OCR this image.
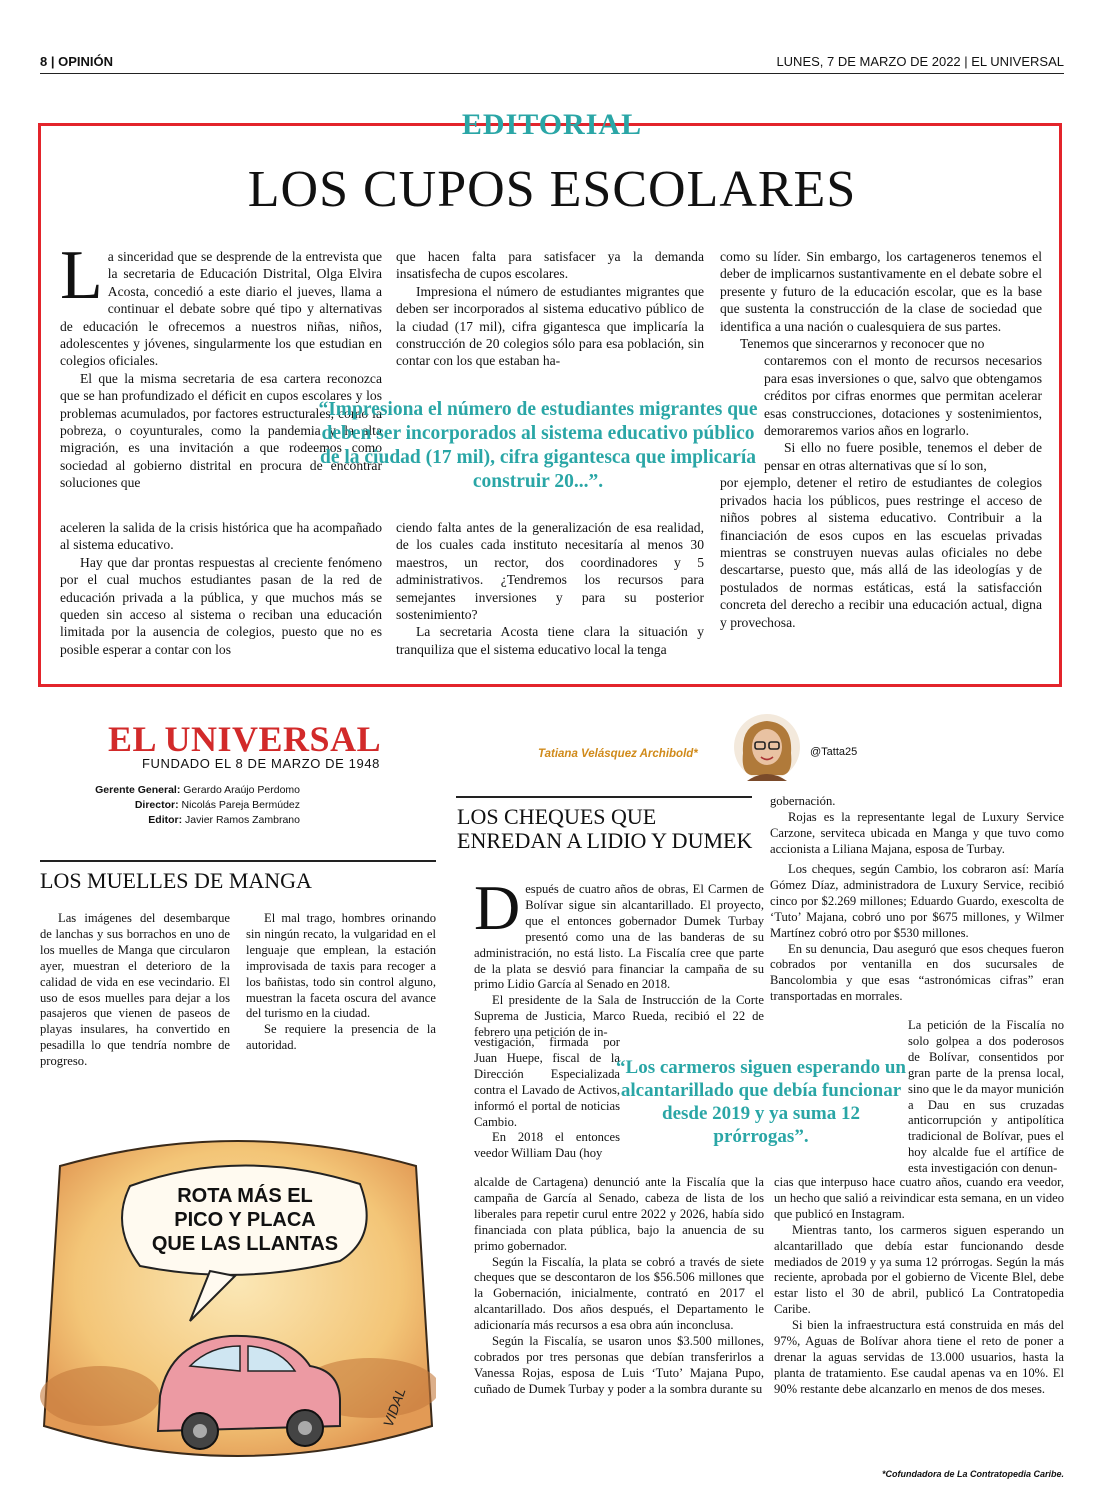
8 | OPINIÓN	LUNES, 7 DE MARZO DE 2022 | EL UNIVERSAL
EDITORIAL
LOS CUPOS ESCOLARES

La sinceridad que se desprende de la entrevista que la secretaria de Educación Distrital, Olga Elvira Acosta, concedió a este diario el jueves, llama a continuar el debate sobre qué tipo y alternativas de educación le ofrecemos a nuestros niñas, niños, adolescentes y jóvenes, singularmente los que estudian en colegios oficiales.

El que la misma secretaria de esa cartera reconozca que se han profundizado el déficit en cupos escolares y los problemas acumulados, por factores estructurales, como la pobreza, o coyunturales, como la pandemia y la alta migración, es una invitación a que rodeemos como sociedad al gobierno distrital en procura de encontrar soluciones que

aceleren la salida de la crisis histórica que ha acompañado al sistema educativo.

Hay que dar prontas respuestas al creciente fenómeno por el cual muchos estudiantes pasan de la red de educación privada a la pública, y que muchos más se queden sin acceso al sistema o reciban una educación limitada por la ausencia de colegios, puesto que no es posible esperar a contar con los

que hacen falta para satisfacer ya la demanda insatisfecha de cupos escolares.

Impresiona el número de estudiantes migrantes que deben ser incorporados al sistema educativo público de la ciudad (17 mil), cifra gigantesca que implicaría la construcción de 20 colegios sólo para esa población, sin contar con los que estaban ha-

ciendo falta antes de la generalización de esa realidad, de los cuales cada instituto necesitaría al menos 30 maestros, un rector, dos coordinadores y 5 administrativos. ¿Tendremos los recursos para semejantes inversiones y para su posterior sostenimiento?

La secretaria Acosta tiene clara la situación y tranquiliza que el sistema educativo local la tenga

como su líder. Sin embargo, los cartageneros tenemos el deber de implicarnos sustantivamente en el debate sobre el presente y futuro de la educación escolar, que es la base que sustenta la construcción de la clase de sociedad que identifica a una nación o cualesquiera de sus partes.

Tenemos que sincerarnos y reconocer que no

contaremos con el monto de recursos necesarios para esas inversiones o que, salvo que obtengamos créditos por cifras enormes que permitan acelerar esas construcciones, dotaciones y sostenimientos, demoraremos varios años en lograrlo.

Si ello no fuere posible, tenemos el deber de pensar en otras alternativas que sí lo son,

por ejemplo, detener el retiro de estudiantes de colegios privados hacia los públicos, pues restringe el acceso de niños pobres al sistema educativo. Contribuir a la financiación de esos cupos en las escuelas privadas mientras se construyen nuevas aulas oficiales no debe descartarse, puesto que, más allá de las ideologías y de postulados de normas estáticas, está la satisfacción concreta del derecho a recibir una educación actual, digna y provechosa.

“Impresiona el número de estudiantes migrantes que deben ser incorporados al sistema educativo público de la ciudad (17 mil), cifra gigantesca que implicaría construir 20...”.
EL UNIVERSAL
FUNDADO EL 8 DE MARZO DE 1948
Gerente General: Gerardo Araújo Perdomo
Director: Nicolás Pareja Bermúdez
Editor: Javier Ramos Zambrano
LOS MUELLES DE MANGA

Las imágenes del desembarque de lanchas y sus borrachos en uno de los muelles de Manga que circularon ayer, muestran el deterioro de la calidad de vida en ese vecindario. El uso de esos muelles para dejar a los pasajeros que vienen de paseos de playas insulares, ha convertido en pesadilla lo que tendría nombre de progreso.

El mal trago, hombres orinando sin ningún recato, la vulgaridad en el lenguaje que emplean, la estación improvisada de taxis para recoger a los bañistas, todo sin control alguno, muestran la faceta oscura del avance del turismo en la ciudad.

Se requiere la presencia de la autoridad.

ROTA MÁS EL
PICO Y PLACA
QUE LAS LLANTAS
VIDAL
Tatiana Velásquez Archibold*	@Tatta25
LOS CHEQUES QUE
ENREDAN A LIDIO Y DUMEK

gobernación.

Rojas es la representante legal de Luxury Service Carzone, serviteca ubicada en Manga y que tuvo como accionista a Liliana Majana, esposa de Turbay.

Después de cuatro años de obras, El Carmen de Bolívar sigue sin alcantarillado. El proyecto, que el entonces gobernador Dumek Turbay presentó como una de las banderas de su administración, no está listo. La Fiscalía cree que parte de la plata se desvió para financiar la campaña de su primo Lidio García al Senado en 2018.

El presidente de la Sala de Instrucción de la Corte Suprema de Justicia, Marco Rueda, recibió el 22 de febrero una petición de in-

Los cheques, según Cambio, los cobraron así: María Gómez Díaz, administradora de Luxury Service, recibió cinco por $2.269 millones; Eduardo Guardo, exescolta de ‘Tuto’ Majana, cobró uno por $675 millones, y Wilmer Martínez cobró otro por $530 millones.

En su denuncia, Dau aseguró que esos cheques fueron cobrados por ventanilla en dos sucursales de Bancolombia y que esas “astronómicas cifras” eran transportadas en morrales.

vestigación, firmada por Juan Huepe, fiscal de la Dirección Especializada contra el Lavado de Activos, informó el portal de noticias Cambio.

En 2018 el entonces veedor William Dau (hoy

La petición de la Fiscalía no solo golpea a dos poderosos de Bolívar, consentidos por gran parte de la prensa local, sino que le da mayor munición a Dau en sus cruzadas anticorrupción y antipolítica tradicional de Bolívar, pues el hoy alcalde fue el artífice de esta investigación con denun-

“Los carmeros siguen esperando un alcantarillado que debía funcionar desde 2019 y ya suma 12 prórrogas”.

alcalde de Cartagena) denunció ante la Fiscalía que la campaña de García al Senado, cabeza de lista de los liberales para repetir curul entre 2022 y 2026, había sido financiada con plata pública, bajo la anuencia de su primo gobernador.

Según la Fiscalía, la plata se cobró a través de siete cheques que se descontaron de los $56.506 millones que la Gobernación, inicialmente, contrató en 2017 el alcantarillado. Dos años después, el Departamento le adicionaría más recursos a esa obra aún inconclusa.

Según la Fiscalía, se usaron unos $3.500 millones, cobrados por tres personas que debían transferirlos a Vanessa Rojas, esposa de Luis ‘Tuto’ Majana Pupo, cuñado de Dumek Turbay y poder a la sombra durante su

cias que interpuso hace cuatro años, cuando era veedor, un hecho que salió a reivindicar esta semana, en un video que publicó en Instagram.

Mientras tanto, los carmeros siguen esperando un alcantarillado que debía estar funcionando desde mediados de 2019 y ya suma 12 prórrogas. Según la más reciente, aprobada por el gobierno de Vicente Blel, debe estar listo el 30 de abril, publicó La Contratopedia Caribe.

Si bien la infraestructura está construida en más del 97%, Aguas de Bolívar ahora tiene el reto de poner a drenar la aguas servidas de 13.000 usuarios, hasta la planta de tratamiento. Ese caudal apenas va en 10%. El 90% restante debe alcanzarlo en menos de dos meses.

*Cofundadora de La Contratopedia Caribe.
